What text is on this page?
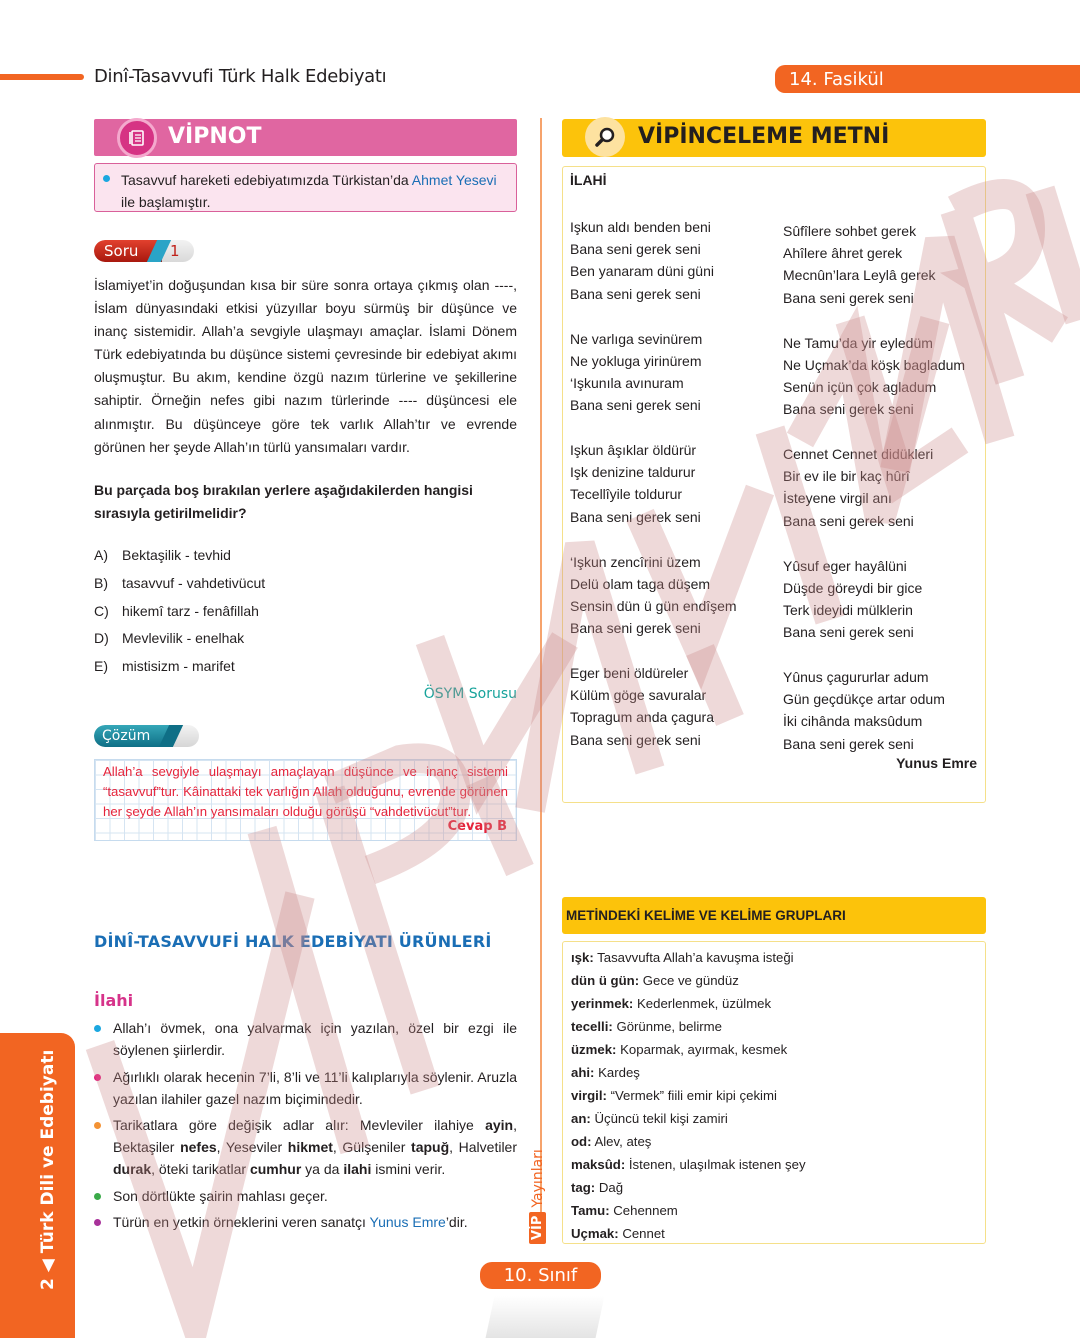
Dinî-Tasavvufi Türk Halk Edebiyatı	14. Fasikül
VİPNOT
Tasavvuf hareketi edebiyatımızda Türkistan’da Ahmet Yesevi ile başlamıştır.
Soru	1

İslamiyet’in doğuşundan kısa bir süre sonra ortaya çıkmış olan ----, İslam dünyasındaki etkisi yüzyıllar boyu sürmüş bir düşünce ve inanç sistemidir. Allah’a sevgiyle ulaşmayı amaçlar. İslami Dönem Türk edebiyatında bu düşünce sistemi çevresinde bir edebiyat akımı oluşmuştur. Bu akım, kendine özgü nazım türlerine ve şekillerine sahiptir. Örneğin nefes gibi nazım türlerinde ---- düşüncesi ele alınmıştır. Bu düşünceye göre tek varlık Allah’tır ve evrende görünen her şeyde Allah’ın türlü yansımaları vardır.

Bu parçada boş bırakılan yerlere aşağıdakilerden hangisi sırasıyla getirilmelidir?

A)	Bektaşilik - tevhid
B)	tasavvuf - vahdetivücut
C) hikemî tarz - fenâfillah
D) Mevlevilik - enelhak
E)	mistisizm - marifet
ÖSYM Sorusu
Çözüm

Allah’a sevgiyle ulaşmayı amaçlayan düşünce ve inanç sistemi “tasavvuf”tur. Kâinattaki tek varlığın Allah olduğunu, evrende görünen her şeyde Allah’ın yansımaları olduğu görüşü “vahdetivücut”tur.

Cevap B
DİNÎ-TASAVVUFİ HALK EDEBİYATI ÜRÜNLERİ
İlahi
Allah’ı övmek, ona yalvarmak için yazılan, özel bir ezgi ile söylenen şiirlerdir.
Ağırlıklı olarak hecenin 7’li, 8’li ve 11’li kalıplarıyla söylenir. Aruzla yazılan ilahiler gazel nazım biçimindedir.
Tarikatlara göre değişik adlar alır: Mevleviler ilahiye ayin, Bektaşiler nefes, Yeseviler hikmet, Gülşeniler tapuğ, Halvetiler durak, öteki tarikatlar cumhur ya da ilahi ismini verir.
Son dörtlükte şairin mahlası geçer.
Türün en yetkin örneklerini veren sanatçı Yunus Emre’dir.
2 ◀ Türk Dili ve Edebiyatı	VİP
Yayınları
10. Sınıf
VİPİNCELEME METNİ
İLAHİ
Işkun aldı benden beni
Bana seni gerek seni
Ben yanaram düni güni
Bana seni gerek seni
Ne varlıga sevinürem
Ne yokluga yirinürem
‘Işkunıla avınuram
Bana seni gerek seni
Işkun âşıklar öldürür
Işk denizine taldurur
Tecellîyile toldurur
Bana seni gerek seni
‘Işkun zencîrini üzem
Delü olam taga düşem
Sensin dün ü gün endîşem
Bana seni gerek seni
Eger beni öldüreler
Külüm göge savuralar
Topragum anda çagura
Bana seni gerek seni
Sûfîlere sohbet gerek
Ahîlere âhret gerek
Mecnûn’lara Leylâ gerek
Bana seni gerek seni
Ne Tamu’da yir eyledüm
Ne Uçmak’da köşk bagladum
Senün içün çok agladum
Bana seni gerek seni
Cennet Cennet didükleri
Bir ev ile bir kaç hûrî
İsteyene virgil anı
Bana seni gerek seni
Yûsuf eger hayâlüni
Düşde göreydi bir gice
Terk ideyidi mülklerin
Bana seni gerek seni
Yûnus çagururlar adum
Gün geçdükçe artar odum
İki cihânda maksûdum
Bana seni gerek seni
Yunus Emre
METİNDEKİ KELİME VE KELİME GRUPLARI
ışk: Tasavvufta Allah’a kavuşma isteği
dün ü gün: Gece ve gündüz
yerinmek: Kederlenmek, üzülmek
tecelli: Görünme, belirme
üzmek: Koparmak, ayırmak, kesmek
ahi: Kardeş
virgil: “Vermek” fiili emir kipi çekimi
an: Üçüncü tekil kişi zamiri
od: Alev, ateş
maksûd: İstenen, ulaşılmak istenen şey
tag: Dağ
Tamu: Cehennem
Uçmak: Cennet
